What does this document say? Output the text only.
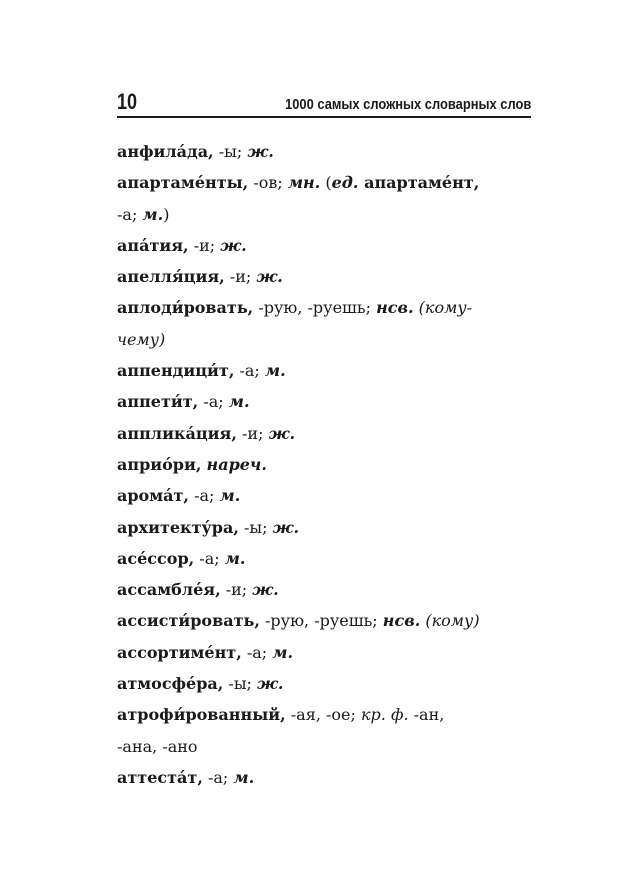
10	1000 самых сложных словарных слов
анфила́да, -ы; ж.
апартаме́нты, -ов; мн. (ед. апартаме́нт,
-а; м.)
апа́тия, -и; ж.
апелля́ция, -и; ж.
аплоди́ровать, -рую, -руешь; нсв. (кому-
чему)
аппендици́т, -а; м.
аппети́т, -а; м.
апплика́ция, -и; ж.
априо́ри, нареч.
арома́т, -а; м.
архитекту́ра, -ы; ж.
асе́ссор, -а; м.
ассамбле́я, -и; ж.
ассисти́ровать, -рую, -руешь; нсв. (кому)
ассортиме́нт, -а; м.
атмосфе́ра, -ы; ж.
атрофи́рованный, -ая, -ое; кр. ф. -ан,
-ана, -ано
аттеста́т, -а; м.
